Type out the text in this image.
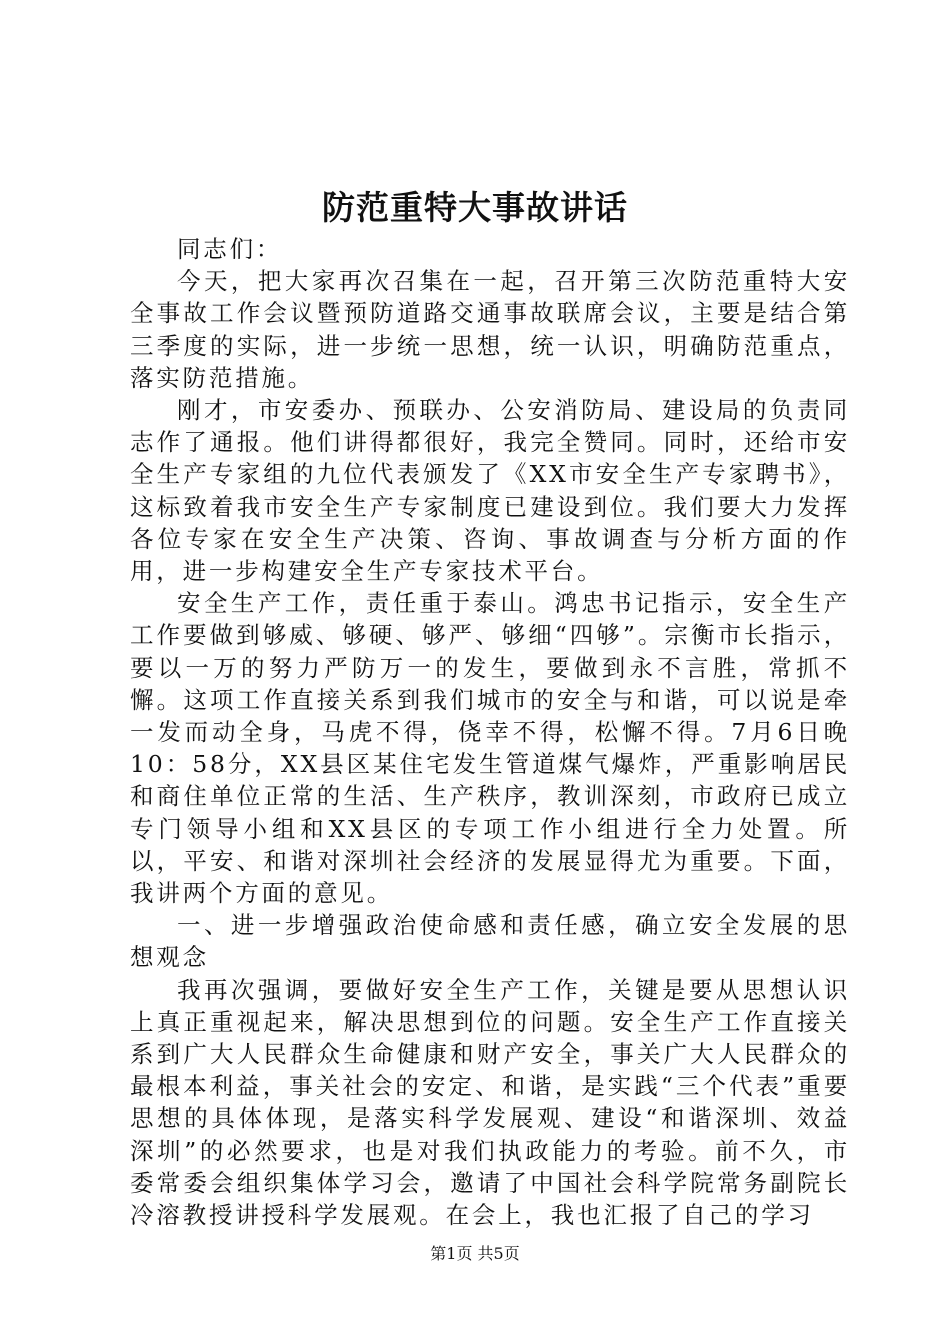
防范重特大事故讲话

同志们：

今天，把大家再次召集在一起，召开第三次防范重特大安全事故工作会议暨预防道路交通事故联席会议，主要是结合第三季度的实际，进一步统一思想，统一认识，明确防范重点，落实防范措施。

刚才，市安委办、预联办、公安消防局、建设局的负责同志作了通报。他们讲得都很好，我完全赞同。同时，还给市安全生产专家组的九位代表颁发了《XX市安全生产专家聘书》，这标致着我市安全生产专家制度已建设到位。我们要大力发挥各位专家在安全生产决策、咨询、事故调查与分析方面的作用，进一步构建安全生产专家技术平台。

安全生产工作，责任重于泰山。鸿忠书记指示，安全生产工作要做到够威、够硬、够严、够细“四够”。宗衡市长指示，要以一万的努力严防万一的发生，要做到永不言胜，常抓不懈。这项工作直接关系到我们城市的安全与和谐，可以说是牵一发而动全身，马虎不得，侥幸不得，松懈不得。7月6日晚10：58分，XX县区某住宅发生管道煤气爆炸，严重影响居民和商住单位正常的生活、生产秩序，教训深刻，市政府已成立专门领导小组和XX县区的专项工作小组进行全力处置。所以，平安、和谐对深圳社会经济的发展显得尤为重要。下面，我讲两个方面的意见。

一、进一步增强政治使命感和责任感，确立安全发展的思想观念

我再次强调，要做好安全生产工作，关键是要从思想认识上真正重视起来，解决思想到位的问题。安全生产工作直接关系到广大人民群众生命健康和财产安全，事关广大人民群众的最根本利益，事关社会的安定、和谐，是实践“三个代表”重要思想的具体体现，是落实科学发展观、建设“和谐深圳、效益深圳”的必然要求，也是对我们执政能力的考验。前不久，市委常委会组织集体学习会，邀请了中国社会科学院常务副院长冷溶教授讲授科学发展观。在会上，我也汇报了自己的学习

第1页 共5页
